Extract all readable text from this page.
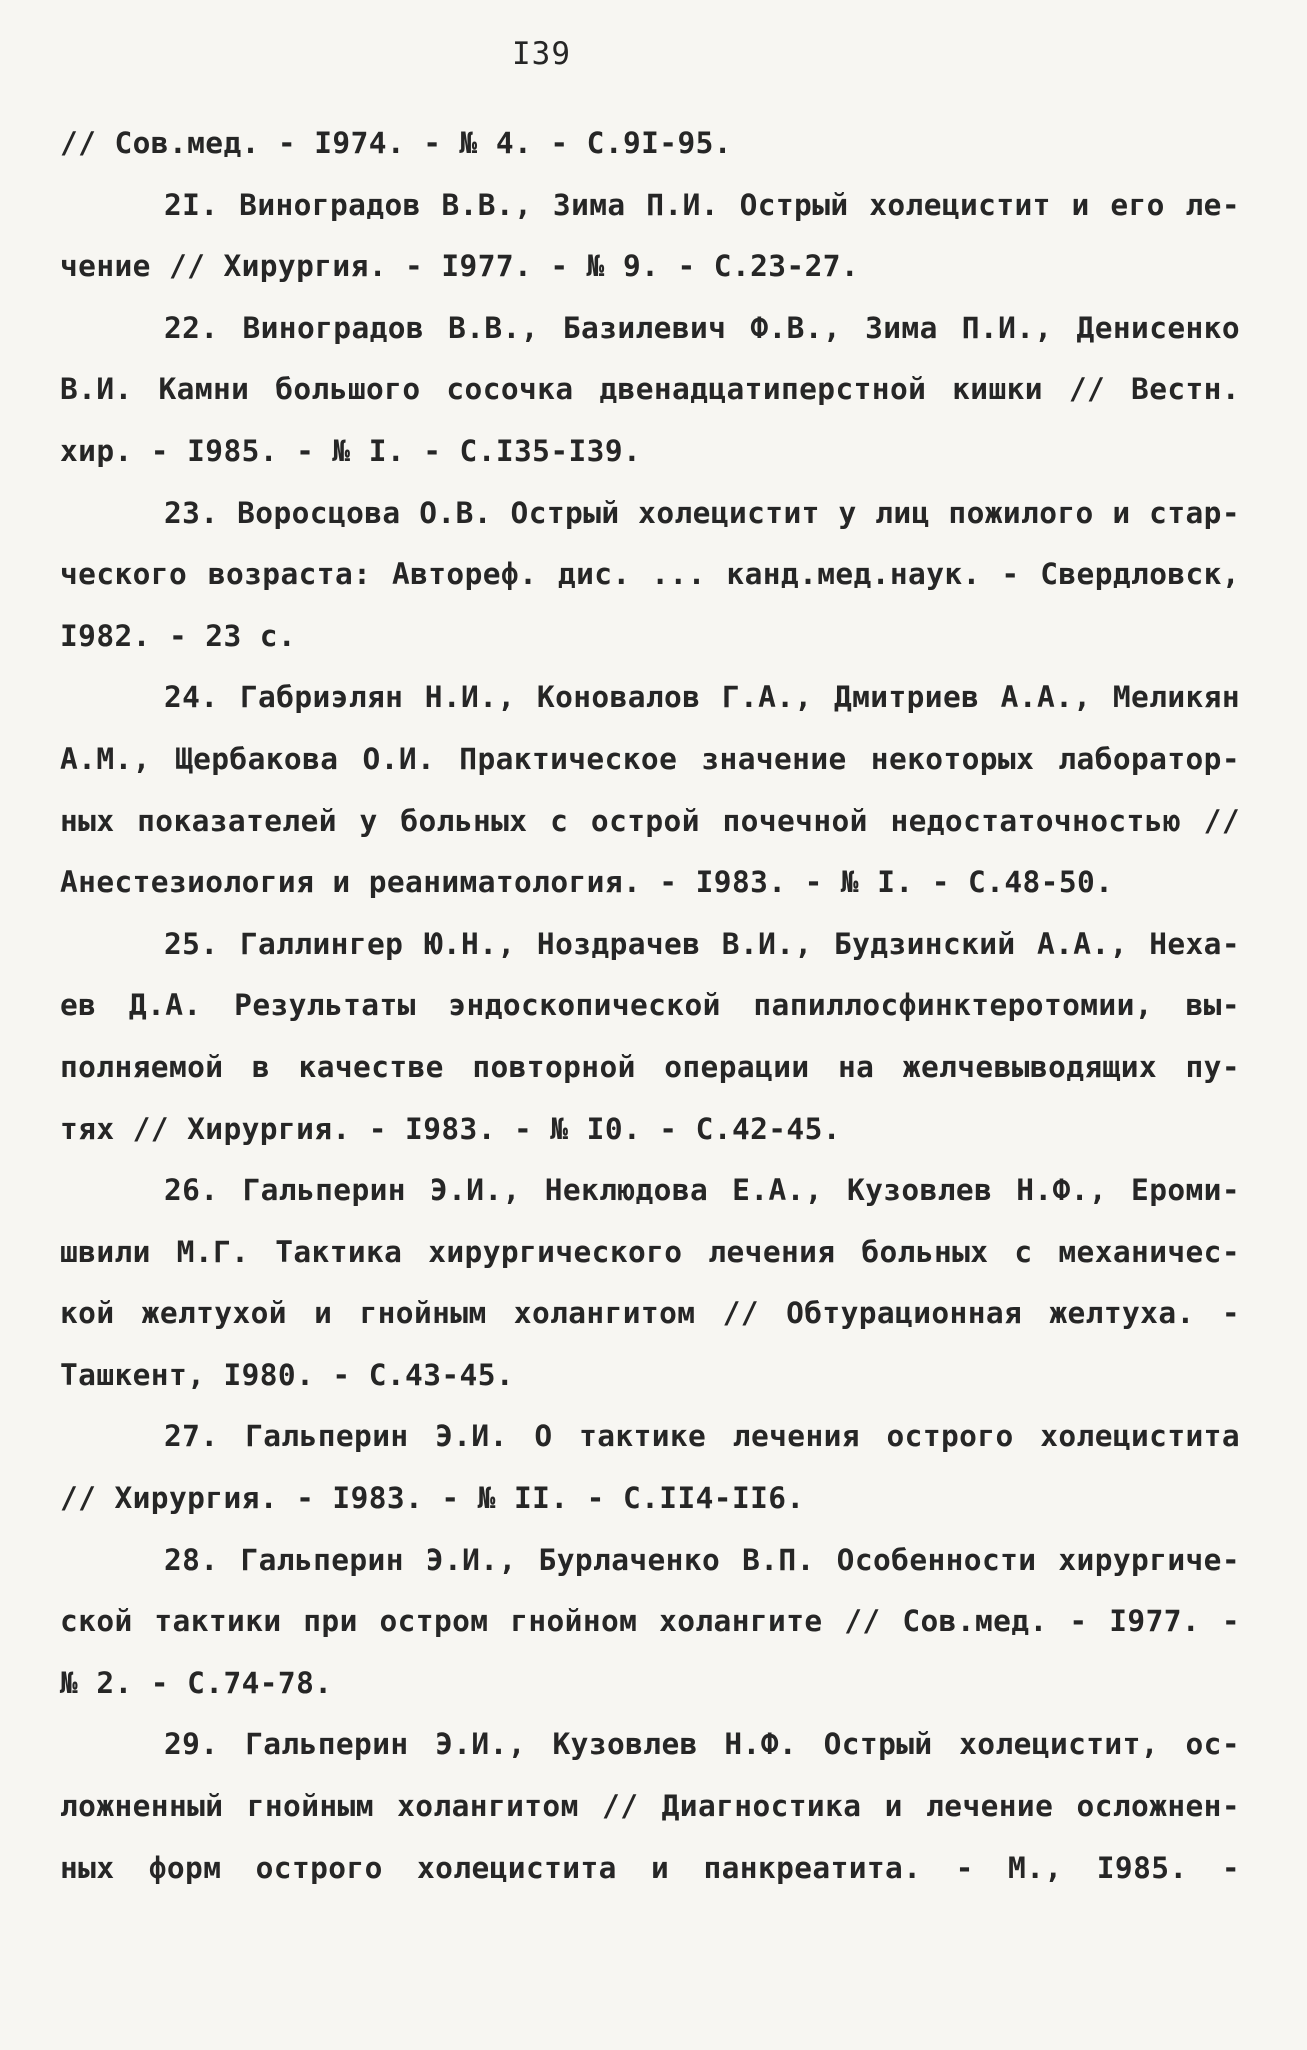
I39
// Сов.мед. - I974. - № 4. - С.9I-95.
2I. Виноградов В.В., Зима П.И. Острый холецистит и его ле-
чение // Хирургия. - I977. - № 9. - С.23-27.
22. Виноградов В.В., Базилевич Ф.В., Зима П.И., Денисенко
В.И. Камни большого сосочка двенадцатиперстной кишки // Вестн.
хир. - I985. - № I. - С.I35-I39.
23. Воросцова О.В. Острый холецистит у лиц пожилого и стар-
ческого возраста: Автореф. дис. ... канд.мед.наук. - Свердловск,
I982. - 23 с.
24. Габриэлян Н.И., Коновалов Г.А., Дмитриев А.А., Меликян
А.М., Щербакова О.И. Практическое значение некоторых лаборатор-
ных показателей у больных с острой почечной недостаточностью //
Анестезиология и реаниматология. - I983. - № I. - С.48-50.
25. Галлингер Ю.Н., Ноздрачев В.И., Будзинский А.А., Неха-
ев Д.А. Результаты эндоскопической папиллосфинктеротомии, вы-
полняемой в качестве повторной операции на желчевыводящих пу-
тях // Хирургия. - I983. - № I0. - С.42-45.
26. Гальперин Э.И., Неклюдова Е.А., Кузовлев Н.Ф., Ероми-
швили М.Г. Тактика хирургического лечения больных с механичес-
кой желтухой и гнойным холангитом // Обтурационная желтуха. -
Ташкент, I980. - С.43-45.
27. Гальперин Э.И. О тактике лечения острого холецистита
// Хирургия. - I983. - № II. - С.II4-II6.
28. Гальперин Э.И., Бурлаченко В.П. Особенности хирургиче-
ской тактики при остром гнойном холангите // Сов.мед. - I977. -
№ 2. - С.74-78.
29. Гальперин Э.И., Кузовлев Н.Ф. Острый холецистит, ос-
ложненный гнойным холангитом // Диагностика и лечение осложнен-
ных форм острого холецистита и панкреатита. - М., I985. -
